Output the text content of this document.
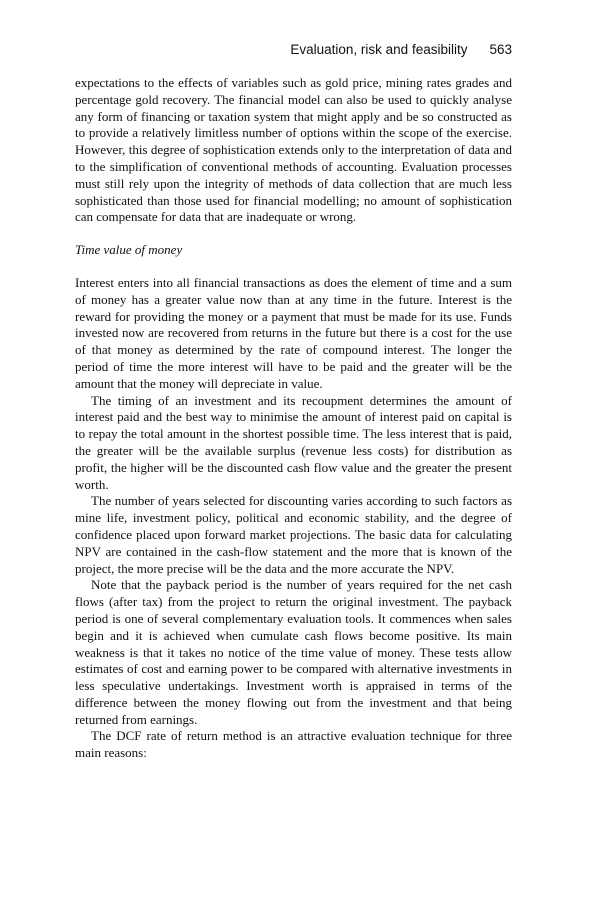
Evaluation, risk and feasibility 563

expectations to the effects of variables such as gold price, mining rates grades and percentage gold recovery. The financial model can also be used to quickly analyse any form of financing or taxation system that might apply and be so constructed as to provide a relatively limitless number of options within the scope of the exercise. However, this degree of sophistication extends only to the interpretation of data and to the simplification of conventional methods of accounting. Evaluation processes must still rely upon the integrity of methods of data collection that are much less sophisticated than those used for financial modelling; no amount of sophistication can compensate for data that are inadequate or wrong.

Time value of money

Interest enters into all financial transactions as does the element of time and a sum of money has a greater value now than at any time in the future. Interest is the reward for providing the money or a payment that must be made for its use. Funds invested now are recovered from returns in the future but there is a cost for the use of that money as determined by the rate of compound interest. The longer the period of time the more interest will have to be paid and the greater will be the amount that the money will depreciate in value.

The timing of an investment and its recoupment determines the amount of interest paid and the best way to minimise the amount of interest paid on capital is to repay the total amount in the shortest possible time. The less interest that is paid, the greater will be the available surplus (revenue less costs) for distribution as profit, the higher will be the discounted cash flow value and the greater the present worth.

The number of years selected for discounting varies according to such factors as mine life, investment policy, political and economic stability, and the degree of confidence placed upon forward market projections. The basic data for calculating NPV are contained in the cash-flow statement and the more that is known of the project, the more precise will be the data and the more accurate the NPV.

Note that the payback period is the number of years required for the net cash flows (after tax) from the project to return the original investment. The payback period is one of several complementary evaluation tools. It commences when sales begin and it is achieved when cumulate cash flows become positive. Its main weakness is that it takes no notice of the time value of money. These tests allow estimates of cost and earning power to be compared with alternative investments in less speculative undertakings. Investment worth is appraised in terms of the difference between the money flowing out from the investment and that being returned from earnings.

The DCF rate of return method is an attractive evaluation technique for three main reasons:
